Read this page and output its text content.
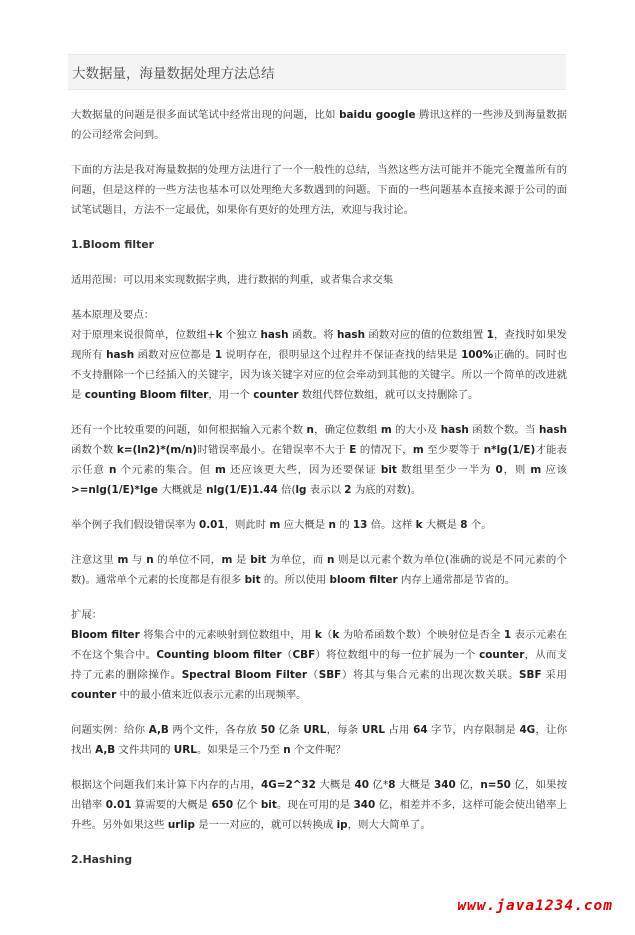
大数据量，海量数据处理方法总结

大数据量的问题是很多面试笔试中经常出现的问题，比如 baidu google 腾讯这样的一些涉及到海量数据的公司经常会问到。

下面的方法是我对海量数据的处理方法进行了一个一般性的总结，当然这些方法可能并不能完全覆盖所有的问题，但是这样的一些方法也基本可以处理绝大多数遇到的问题。下面的一些问题基本直接来源于公司的面试笔试题目，方法不一定最优，如果你有更好的处理方法，欢迎与我讨论。

1.Bloom filter

适用范围：可以用来实现数据字典，进行数据的判重，或者集合求交集

基本原理及要点：

对于原理来说很简单，位数组+k 个独立 hash 函数。将 hash 函数对应的值的位数组置 1，查找时如果发现所有 hash 函数对应位都是 1 说明存在，很明显这个过程并不保证查找的结果是 100%正确的。同时也不支持删除一个已经插入的关键字，因为该关键字对应的位会牵动到其他的关键字。所以一个简单的改进就是 counting Bloom filter，用一个 counter 数组代替位数组，就可以支持删除了。

还有一个比较重要的问题，如何根据输入元素个数 n，确定位数组 m 的大小及 hash 函数个数。当 hash 函数个数 k=(ln2)*(m/n)时错误率最小。在错误率不大于 E 的情况下，m 至少要等于 n*lg(1/E)才能表示任意 n 个元素的集合。但 m 还应该更大些，因为还要保证 bit 数组里至少一半为 0，则 m 应该>=nlg(1/E)*lge 大概就是 nlg(1/E)1.44 倍(lg 表示以 2 为底的对数)。

举个例子我们假设错误率为 0.01，则此时 m 应大概是 n 的 13 倍。这样 k 大概是 8 个。

注意这里 m 与 n 的单位不同，m 是 bit 为单位，而 n 则是以元素个数为单位(准确的说是不同元素的个数)。通常单个元素的长度都是有很多 bit 的。所以使用 bloom filter 内存上通常都是节省的。

扩展：

Bloom filter 将集合中的元素映射到位数组中，用 k（k 为哈希函数个数）个映射位是否全 1 表示元素在不在这个集合中。Counting bloom filter（CBF）将位数组中的每一位扩展为一个 counter，从而支持了元素的删除操作。Spectral Bloom Filter（SBF）将其与集合元素的出现次数关联。SBF 采用 counter 中的最小值来近似表示元素的出现频率。

问题实例：给你 A,B 两个文件，各存放 50 亿条 URL，每条 URL 占用 64 字节，内存限制是 4G，让你找出 A,B 文件共同的 URL。如果是三个乃至 n 个文件呢？

根据这个问题我们来计算下内存的占用，4G=2^32 大概是 40 亿*8 大概是 340 亿，n=50 亿，如果按出错率 0.01 算需要的大概是 650 亿个 bit。现在可用的是 340 亿，相差并不多，这样可能会使出错率上升些。另外如果这些 urlip 是一一对应的，就可以转换成 ip，则大大简单了。

2.Hashing

www.java1234.com
